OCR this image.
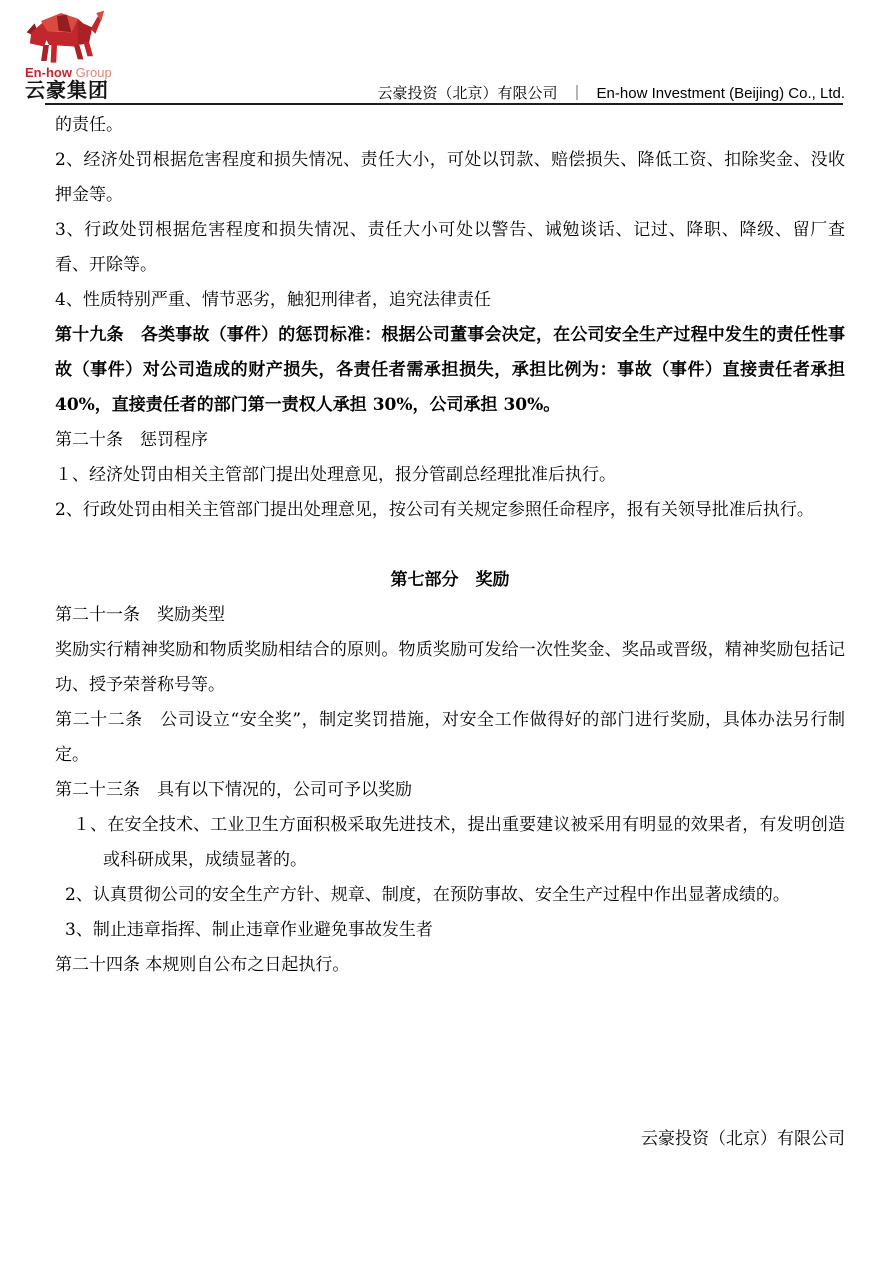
En-how Group
云豪集团	云豪投资（北京）有限公司 ｜ En-how Investment (Beijing) Co., Ltd.

的责任。

2、经济处罚根据危害程度和损失情况、责任大小，可处以罚款、赔偿损失、降低工资、扣除奖金、没收押金等。

3、行政处罚根据危害程度和损失情况、责任大小可处以警告、诫勉谈话、记过、降职、降级、留厂查看、开除等。

4、性质特别严重、情节恶劣，触犯刑律者，追究法律责任

第十九条　各类事故（事件）的惩罚标准：根据公司董事会决定，在公司安全生产过程中发生的责任性事故（事件）对公司造成的财产损失，各责任者需承担损失，承担比例为：事故（事件）直接责任者承担 40%，直接责任者的部门第一责权人承担 30%，公司承担 30%。

第二十条　惩罚程序

１、经济处罚由相关主管部门提出处理意见，报分管副总经理批准后执行。

2、行政处罚由相关主管部门提出处理意见，按公司有关规定参照任命程序，报有关领导批准后执行。

第七部分　奖励

第二十一条　奖励类型

奖励实行精神奖励和物质奖励相结合的原则。物质奖励可发给一次性奖金、奖品或晋级，精神奖励包括记功、授予荣誉称号等。

第二十二条　公司设立“安全奖”，制定奖罚措施，对安全工作做得好的部门进行奖励，具体办法另行制定。

第二十三条　具有以下情况的，公司可予以奖励

１、在安全技术、工业卫生方面积极采取先进技术，提出重要建议被采用有明显的效果者，有发明创造或科研成果，成绩显著的。

2、认真贯彻公司的安全生产方针、规章、制度，在预防事故、安全生产过程中作出显著成绩的。

3、制止违章指挥、制止违章作业避免事故发生者

第二十四条 本规则自公布之日起执行。

云豪投资（北京）有限公司
